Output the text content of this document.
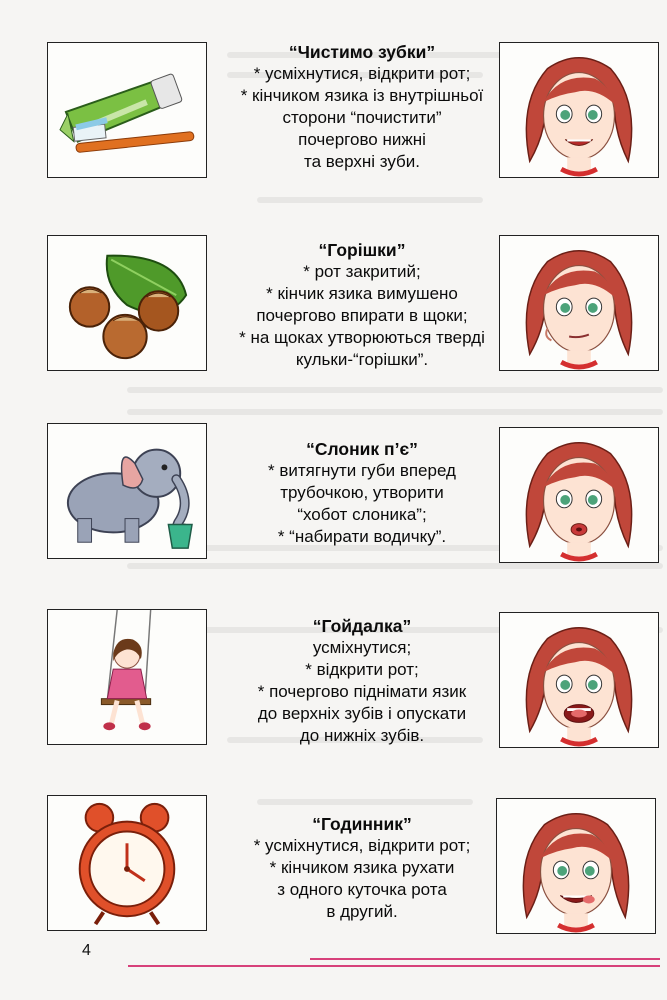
“Чистимо зубки”
* усміхнутися, відкрити рот;
* кінчиком язика із внутрішньої
сторони “почистити”
почергово нижні
та верхні зуби.
“Горішки”
* рот закритий;
* кінчик язика вимушено
почергово впирати в щоки;
* на щоках утворюються тверді
кульки-“горішки”.
“Слоник п’є”
* витягнути губи вперед
трубочкою, утворити
“хобот слоника”;
* “набирати водичку”.
“Гойдалка”
усміхнутися;
* відкрити рот;
* почергово піднімати язик
до верхніх зубів і опускати
до нижніх зубів.
“Годинник”
* усміхнутися, відкрити рот;
* кінчиком язика рухати
з одного куточка рота
в другий.
4
